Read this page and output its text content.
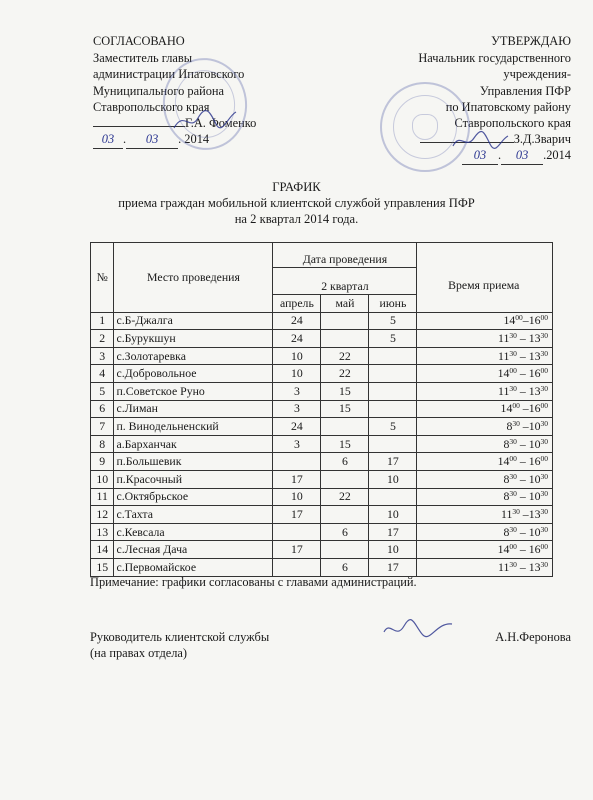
СОГЛАСОВАНО
Заместитель главы
администрации Ипатовского
Муниципального района
Ставропольского края
Г.А. Фоменко
03 . 03 . 2014
УТВЕРЖДАЮ
Начальник государственного
учреждения-
Управления ПФР
по Ипатовскому району
Ставропольского края
З.Д.Зварич
03 . 03 .2014
ГРАФИК
приема граждан мобильной клиентской службой управления ПФР
на 2 квартал 2014 года.
№	Место проведения	Дата проведения			Время приема
		2 квартал			
		апрель	май	июнь	
1	с.Б-Джалга	24		5	$14^{00}-16^{00}$
2	с.Бурукшун	24		5	$11^{30} - 13^{30}$
3	с.Золотаревка	10	22		$11^{30} - 13^{30}$
4	с.Добровольное	10	22		$14^{00} - 16^{00}$
5	п.Советское Руно	3	15		$11^{30} - 13^{30}$
6	с.Лиман	3	15		$14^{00}$ $-16^{00}$
7	п. Винодельненский	24		5	$8^{30}$ $-10^{30}$
8	а.Барханчак	3	15		$8^{30} - 10^{30}$
9	п.Большевик		6	17	$14^{00} - 16^{00}$
10	п.Красочный	17		10	$8^{30} - 10^{30}$
11	с.Октябрьское	10	22		$8^{30} - 10^{30}$
12	с.Тахта	17		10	$11^{30}$ $-13^{30}$
13	с.Кевсала		6	17	$8^{30} - 10^{30}$
14	с.Лесная Дача	17		10	$14^{00} - 16^{00}$
15	с.Первомайское		6	17	$11^{30} - 13^{30}$
Примечание: графики согласованы с главами администраций.
Руководитель клиентской службы
(на правах отдела)
А.Н.Феронова
